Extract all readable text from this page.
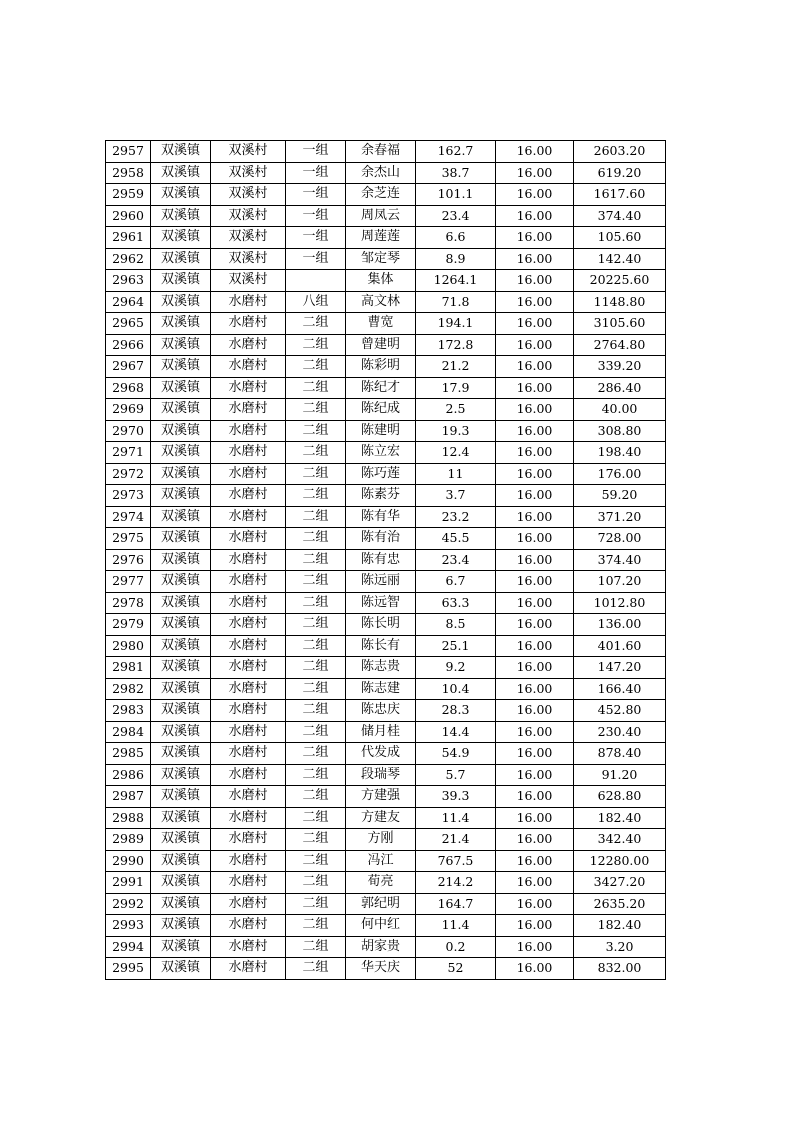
2957	双溪镇	双溪村	一组	余春福	162.7	16.00	2603.20
2958	双溪镇	双溪村	一组	余杰山	38.7	16.00	619.20
2959	双溪镇	双溪村	一组	余芝连	101.1	16.00	1617.60
2960	双溪镇	双溪村	一组	周凤云	23.4	16.00	374.40
2961	双溪镇	双溪村	一组	周莲莲	6.6	16.00	105.60
2962	双溪镇	双溪村	一组	邹定琴	8.9	16.00	142.40
2963	双溪镇	双溪村		集体	1264.1	16.00	20225.60
2964	双溪镇	水磨村	八组	高文林	71.8	16.00	1148.80
2965	双溪镇	水磨村	二组	曹宽	194.1	16.00	3105.60
2966	双溪镇	水磨村	二组	曾建明	172.8	16.00	2764.80
2967	双溪镇	水磨村	二组	陈彩明	21.2	16.00	339.20
2968	双溪镇	水磨村	二组	陈纪才	17.9	16.00	286.40
2969	双溪镇	水磨村	二组	陈纪成	2.5	16.00	40.00
2970	双溪镇	水磨村	二组	陈建明	19.3	16.00	308.80
2971	双溪镇	水磨村	二组	陈立宏	12.4	16.00	198.40
2972	双溪镇	水磨村	二组	陈巧莲	11	16.00	176.00
2973	双溪镇	水磨村	二组	陈素芬	3.7	16.00	59.20
2974	双溪镇	水磨村	二组	陈有华	23.2	16.00	371.20
2975	双溪镇	水磨村	二组	陈有治	45.5	16.00	728.00
2976	双溪镇	水磨村	二组	陈有忠	23.4	16.00	374.40
2977	双溪镇	水磨村	二组	陈远丽	6.7	16.00	107.20
2978	双溪镇	水磨村	二组	陈远智	63.3	16.00	1012.80
2979	双溪镇	水磨村	二组	陈长明	8.5	16.00	136.00
2980	双溪镇	水磨村	二组	陈长有	25.1	16.00	401.60
2981	双溪镇	水磨村	二组	陈志贵	9.2	16.00	147.20
2982	双溪镇	水磨村	二组	陈志建	10.4	16.00	166.40
2983	双溪镇	水磨村	二组	陈忠庆	28.3	16.00	452.80
2984	双溪镇	水磨村	二组	储月桂	14.4	16.00	230.40
2985	双溪镇	水磨村	二组	代发成	54.9	16.00	878.40
2986	双溪镇	水磨村	二组	段瑞琴	5.7	16.00	91.20
2987	双溪镇	水磨村	二组	方建强	39.3	16.00	628.80
2988	双溪镇	水磨村	二组	方建友	11.4	16.00	182.40
2989	双溪镇	水磨村	二组	方刚	21.4	16.00	342.40
2990	双溪镇	水磨村	二组	冯江	767.5	16.00	12280.00
2991	双溪镇	水磨村	二组	荀亮	214.2	16.00	3427.20
2992	双溪镇	水磨村	二组	郭纪明	164.7	16.00	2635.20
2993	双溪镇	水磨村	二组	何中红	11.4	16.00	182.40
2994	双溪镇	水磨村	二组	胡家贵	0.2	16.00	3.20
2995	双溪镇	水磨村	二组	华天庆	52	16.00	832.00
